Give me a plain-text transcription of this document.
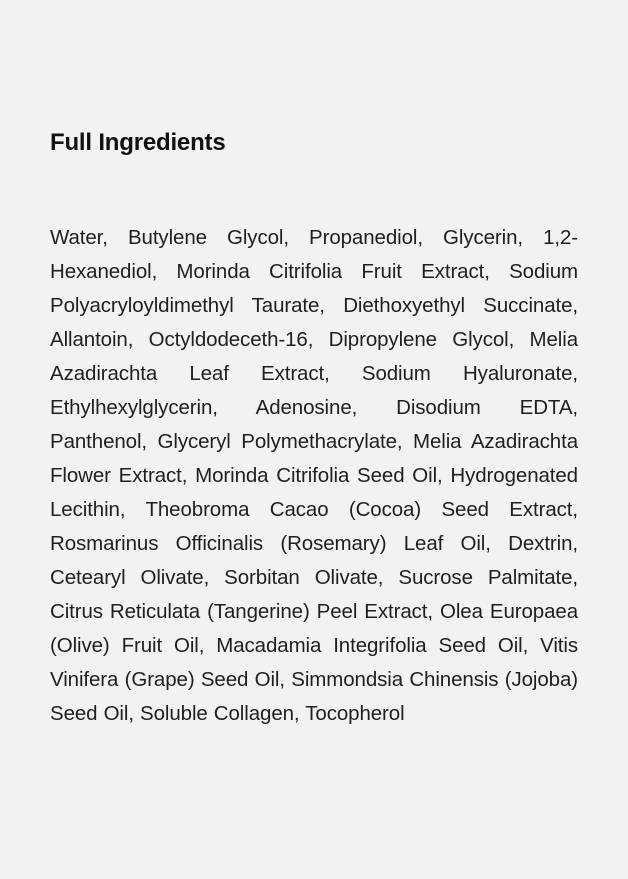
Full Ingredients

Water, Butylene Glycol, Propanediol, Glycerin, 1,2-Hexanediol, Morinda Citrifolia Fruit Extract, Sodium Polyacryloyldimethyl Taurate, Diethoxyethyl Succinate, Allantoin, Octyldodeceth-16, Dipropylene Glycol, Melia Azadirachta Leaf Extract, Sodium Hyaluronate, Ethylhexylglycerin, Adenosine, Disodium EDTA, Panthenol, Glyceryl Polymethacrylate, Melia Azadirachta Flower Extract, Morinda Citrifolia Seed Oil, Hydrogenated Lecithin, Theobroma Cacao (Cocoa) Seed Extract, Rosmarinus Officinalis (Rosemary) Leaf Oil, Dextrin, Cetearyl Olivate, Sorbitan Olivate, Sucrose Palmitate, Citrus Reticulata (Tangerine) Peel Extract, Olea Europaea (Olive) Fruit Oil, Macadamia Integrifolia Seed Oil, Vitis Vinifera (Grape) Seed Oil, Simmondsia Chinensis (Jojoba) Seed Oil, Soluble Collagen, Tocopherol
